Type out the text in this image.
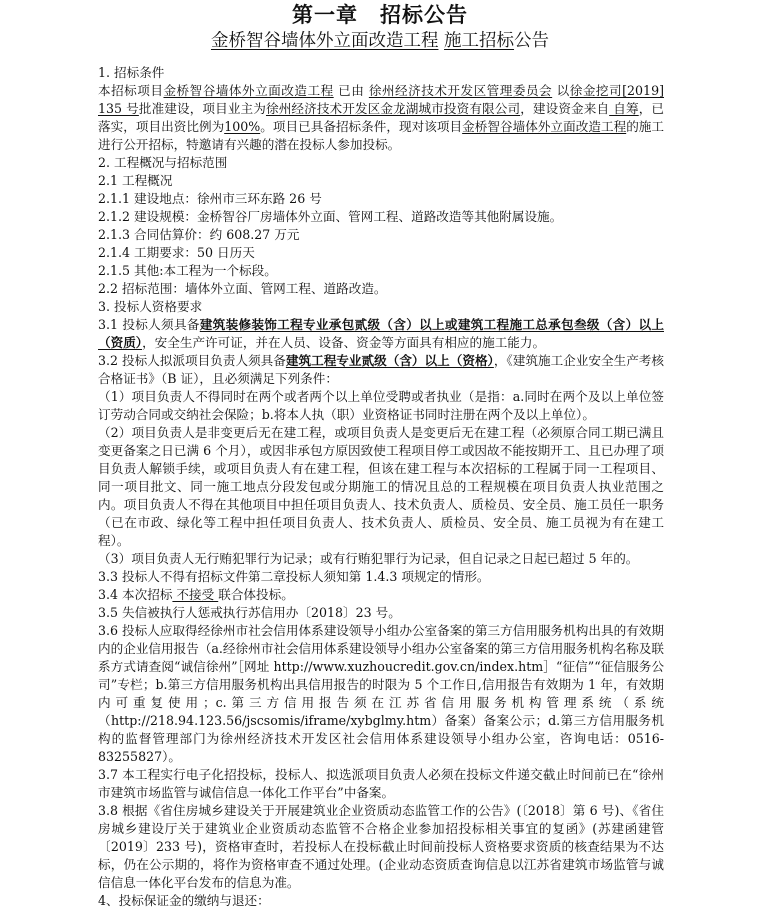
第一章　招标公告
金桥智谷墙体外立面改造工程 施工招标公告

1. 招标条件

本招标项目金桥智谷墙体外立面改造工程 已由 徐州经济技术开发区管理委员会 以徐金挖司[2019] 135 号批准建设，项目业主为徐州经济技术开发区金龙湖城市投资有限公司，建设资金来自 自筹，已落实，项目出资比例为100%。项目已具备招标条件，现对该项目金桥智谷墙体外立面改造工程的施工进行公开招标，特邀请有兴趣的潜在投标人参加投标。

2. 工程概况与招标范围

2.1 工程概况

2.1.1 建设地点：徐州市三环东路 26 号

2.1.2 建设规模：金桥智谷厂房墙体外立面、管网工程、道路改造等其他附属设施。

2.1.3 合同估算价：约 608.27 万元

2.1.4 工期要求：50 日历天

2.1.5 其他:本工程为一个标段。

2.2 招标范围：墙体外立面、管网工程、道路改造。

3. 投标人资格要求

3.1 投标人须具备建筑装修装饰工程专业承包贰级（含）以上或建筑工程施工总承包叁级（含）以上（资质），安全生产许可证，并在人员、设备、资金等方面具有相应的施工能力。

3.2 投标人拟派项目负责人须具备建筑工程专业贰级（含）以上（资格），《建筑施工企业安全生产考核合格证书》（B 证），且必须满足下列条件：

（1）项目负责人不得同时在两个或者两个以上单位受聘或者执业（是指：a.同时在两个及以上单位签订劳动合同或交纳社会保险；b.将本人执（职）业资格证书同时注册在两个及以上单位）。

（2）项目负责人是非变更后无在建工程，或项目负责人是变更后无在建工程（必须原合同工期已满且变更备案之日已满 6 个月），或因非承包方原因致使工程项目停工或因故不能按期开工、且已办理了项目负责人解锁手续，或项目负责人有在建工程，但该在建工程与本次招标的工程属于同一工程项目、同一项目批文、同一施工地点分段发包或分期施工的情况且总的工程规模在项目负责人执业范围之内。项目负责人不得在其他项目中担任项目负责人、技术负责人、质检员、安全员、施工员任一职务（已在市政、绿化等工程中担任项目负责人、技术负责人、质检员、安全员、施工员视为有在建工程）。

（3）项目负责人无行贿犯罪行为记录；或有行贿犯罪行为记录，但自记录之日起已超过 5 年的。

3.3 投标人不得有招标文件第二章投标人须知第 1.4.3 项规定的情形。

3.4 本次招标 不接受 联合体投标。

3.5 失信被执行人惩戒执行苏信用办〔2018〕23 号。

3.6 投标人应取得经徐州市社会信用体系建设领导小组办公室备案的第三方信用服务机构出具的有效期内的企业信用报告（a.经徐州市社会信用体系建设领导小组办公室备案的第三方信用服务机构名称及联系方式请查阅“诚信徐州”［网址 http://www.xuzhoucredit.gov.cn/index.htm］“征信”“征信服务公司”专栏；b.第三方信用服务机构出具信用报告的时限为 5 个工作日,信用报告有效期为 1 年，有效期内可重复使用；c.第三方信用报告须在江苏省信用服务机构管理系统（系统（http://218.94.123.56/jscsomis/iframe/xybglmy.htm）备案）备案公示；d.第三方信用服务机构的监督管理部门为徐州经济技术开发区社会信用体系建设领导小组办公室，咨询电话：0516-83255827）。

3.7 本工程实行电子化招投标，投标人、拟选派项目负责人必须在投标文件递交截止时间前已在“徐州市建筑市场监管与诚信信息一体化工作平台”中备案。

3.8 根据《省住房城乡建设关于开展建筑业企业资质动态监管工作的公告》(〔2018〕第 6 号)、《省住房城乡建设厅关于建筑业企业资质动态监管不合格企业参加招投标相关事宜的复函》(苏建函建管〔2019〕233 号)，资格审查时，若投标人在投标截止时间前投标人资格要求资质的核查结果为不达标，仍在公示期的，将作为资格审查不通过处理。(企业动态资质查询信息以江苏省建筑市场监管与诚信信息一体化平台发布的信息为准。

4、投标保证金的缴纳与退还：
